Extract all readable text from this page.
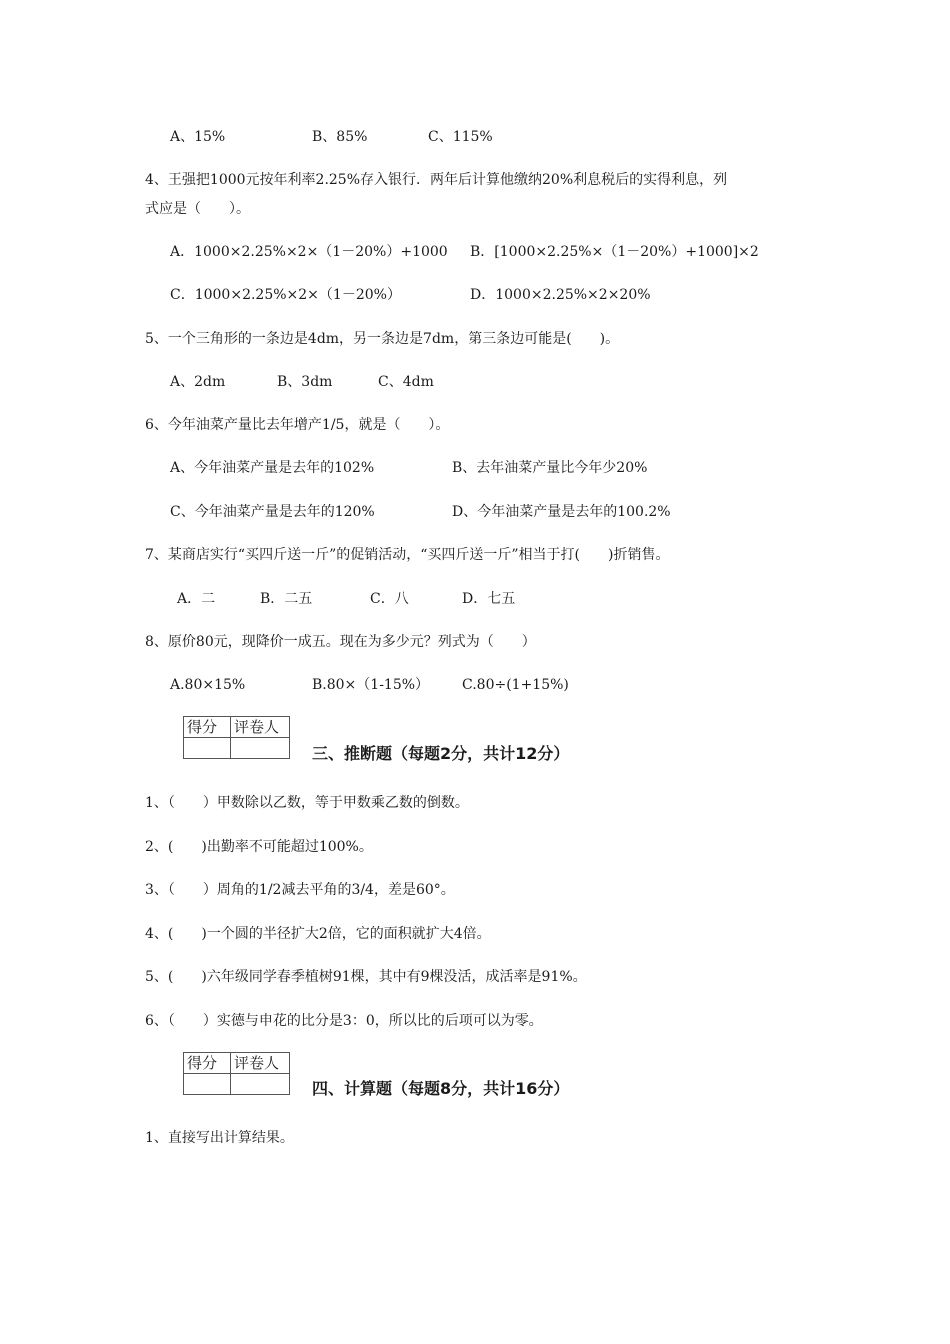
A、15%	B、85%	C、115%
4、王强把1000元按年利率2.25%存入银行．两年后计算他缴纳20%利息税后的实得利息，列
式应是（　　）。
A．1000×2.25%×2×（1－20%）+1000 B．[1000×2.25%×（1－20%）+1000]×2
C．1000×2.25%×2×（1－20%）	D．1000×2.25%×2×20%
5、一个三角形的一条边是4dm，另一条边是7dm，第三条边可能是(　　)。
A、2dm	B、3dm	C、4dm
6、今年油菜产量比去年增产1/5，就是（　　）。
A、今年油菜产量是去年的102%	B、去年油菜产量比今年少20%
C、今年油菜产量是去年的120%	D、今年油菜产量是去年的100.2%
7、某商店实行“买四斤送一斤”的促销活动，“买四斤送一斤”相当于打(　　)折销售。
A．二	B．二五	C．八	D．七五
8、原价80元，现降价一成五。现在为多少元？列式为（　　）
A.80×15%	B.80×（1-15%） C.80÷(1+15%)
得分	评卷人

三、推断题（每题2分，共计12分）
1、（　　）甲数除以乙数，等于甲数乘乙数的倒数。
2、(　　)出勤率不可能超过100%。
3、（　　）周角的1/2减去平角的3/4，差是60°。
4、(　　)一个圆的半径扩大2倍，它的面积就扩大4倍。
5、(　　)六年级同学春季植树91棵，其中有9棵没活，成活率是91%。
6、（　　）实德与申花的比分是3：0，所以比的后项可以为零。
得分	评卷人

四、计算题（每题8分，共计16分）
1、直接写出计算结果。
